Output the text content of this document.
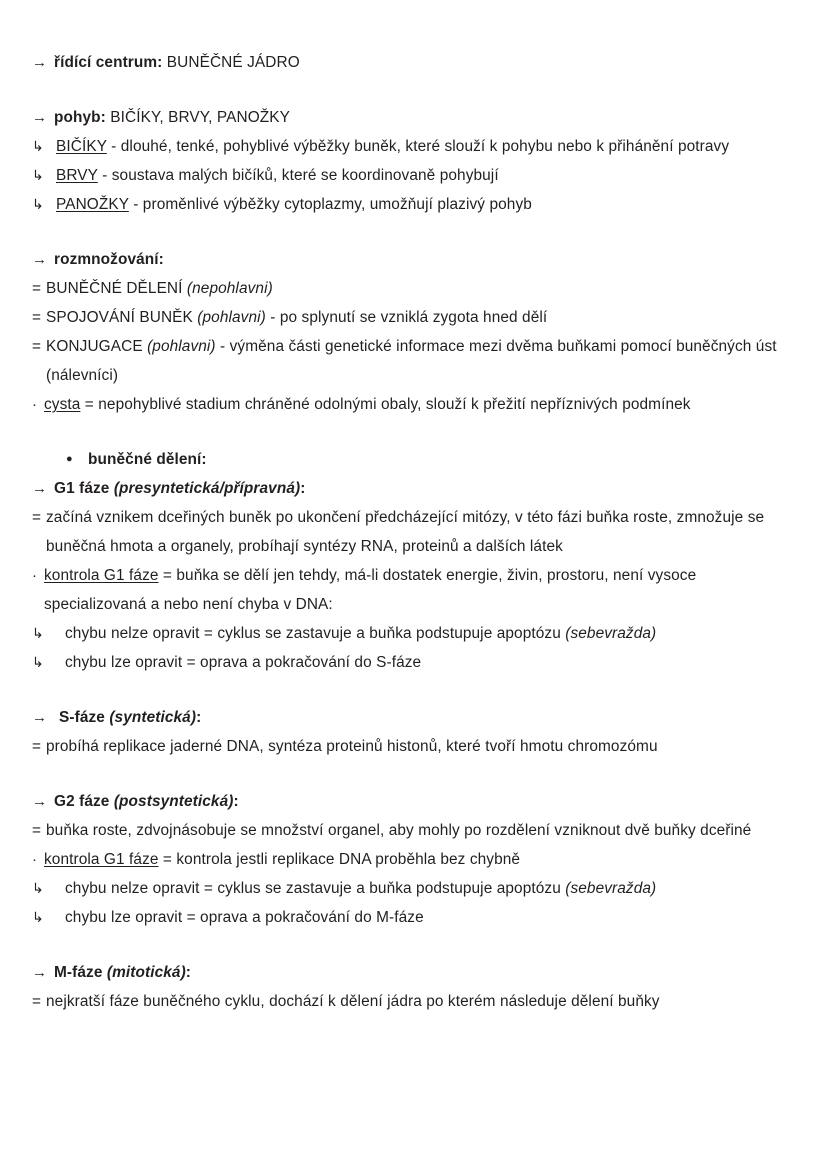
→ řídící centrum: BUNĚČNÉ JÁDRO
→ pohyb: BIČÍKY, BRVY, PANOŽKY
↳ BIČÍKY - dlouhé, tenké, pohyblivé výběžky buněk, které slouží k pohybu nebo k přihánění potravy
↳ BRVY - soustava malých bičíků, které se koordinovaně pohybují
↳ PANOŽKY - proměnlivé výběžky cytoplazmy, umožňují plazivý pohyb
→ rozmnožování:
= BUNĚČNÉ DĚLENÍ (nepohlavni)
= SPOJOVÁNÍ BUNĚK (pohlavni) - po splynutí se vzniklá zygota hned dělí
= KONJUGACE (pohlavni) - výměna části genetické informace mezi dvěma buňkami pomocí buněčných úst (nálevníci)
· cysta = nepohyblivé stadium chráněné odolnými obaly, slouží k přežití nepříznivých podmínek
● buněčné dělení:
→ G1 fáze (presyntetická/přípravná):
= začíná vznikem dceřiných buněk po ukončení předcházející mitózy, v této fázi buňka roste, zmnožuje se buněčná hmota a organely, probíhají syntézy RNA, proteinů a dalších látek
· kontrola G1 fáze = buňka se dělí jen tehdy, má-li dostatek energie, živin, prostoru, není vysoce specializovaná a nebo není chyba v DNA:
↳	chybu nelze opravit = cyklus se zastavuje a buňka podstupuje apoptózu (sebevražda)
↳	chybu lze opravit = oprava a pokračování do S-fáze
→ S-fáze (syntetická):
= probíhá replikace jaderné DNA, syntéza proteinů histonů, které tvoří hmotu chromozómu
→ G2 fáze (postsyntetická):
= buňka roste, zdvojnásobuje se množství organel, aby mohly po rozdělení vzniknout dvě buňky dceřiné
· kontrola G1 fáze = kontrola jestli replikace DNA proběhla bez chybně
↳	chybu nelze opravit = cyklus se zastavuje a buňka podstupuje apoptózu (sebevražda)
↳	chybu lze opravit = oprava a pokračování do M-fáze
→ M-fáze (mitotická):
= nejkratší fáze buněčného cyklu, dochází k dělení jádra po kterém následuje dělení buňky
